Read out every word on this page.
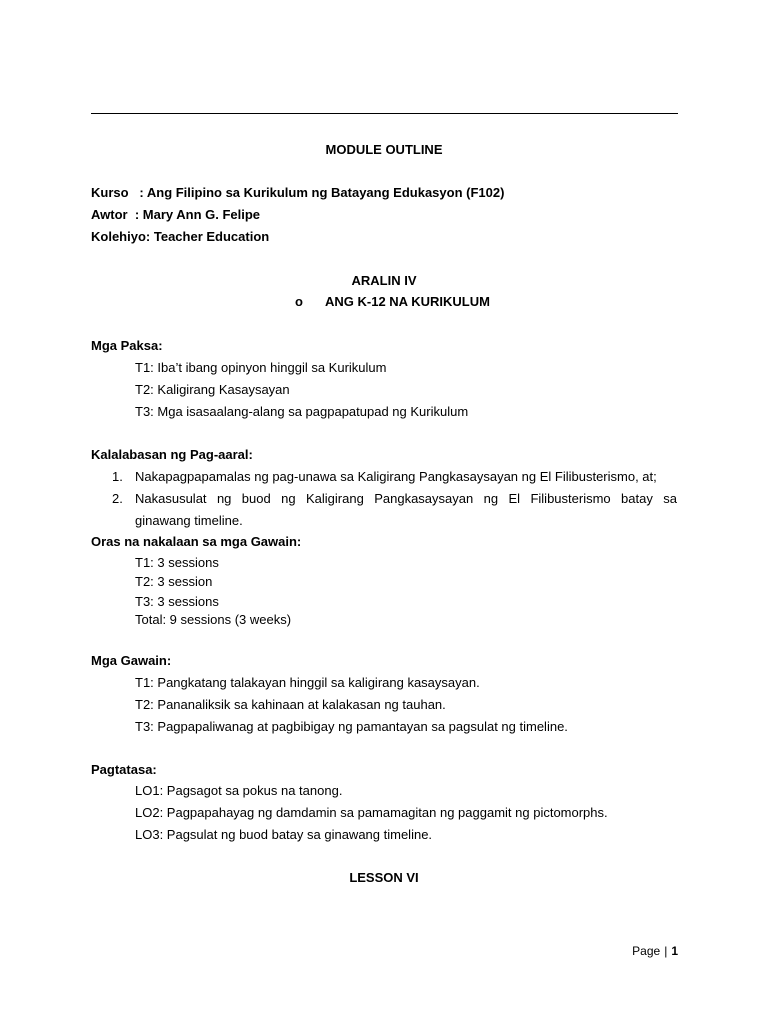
MODULE OUTLINE
Kurso   : Ang Filipino sa Kurikulum ng Batayang Edukasyon (F102)
Awtor  : Mary Ann G. Felipe
Kolehiyo: Teacher Education
ARALIN IV
o ANG K-12 NA KURIKULUM
Mga Paksa:
T1: Iba’t ibang opinyon hinggil sa Kurikulum
T2: Kaligirang Kasaysayan
T3: Mga isasaalang-alang sa pagpapatupad ng Kurikulum
Kalalabasan ng Pag-aaral:
1. Nakapagpapamalas ng pag-unawa sa Kaligirang Pangkasaysayan ng El Filibusterismo, at;
2. Nakasusulat ng buod ng Kaligirang Pangkasaysayan ng El Filibusterismo batay sa
ginawang timeline.
Oras na nakalaan sa mga Gawain:
T1: 3 sessions
T2: 3 session
T3: 3 sessions
Total: 9 sessions (3 weeks)
Mga Gawain:
T1: Pangkatang talakayan hinggil sa kaligirang kasaysayan.
T2: Pananaliksik sa kahinaan at kalakasan ng tauhan.
T3: Pagpapaliwanag at pagbibigay ng pamantayan sa pagsulat ng timeline.
Pagtatasa:
LO1: Pagsagot sa pokus na tanong.
LO2: Pagpapahayag ng damdamin sa pamamagitan ng paggamit ng pictomorphs.
LO3: Pagsulat ng buod batay sa ginawang timeline.
LESSON VI
Page | 1
